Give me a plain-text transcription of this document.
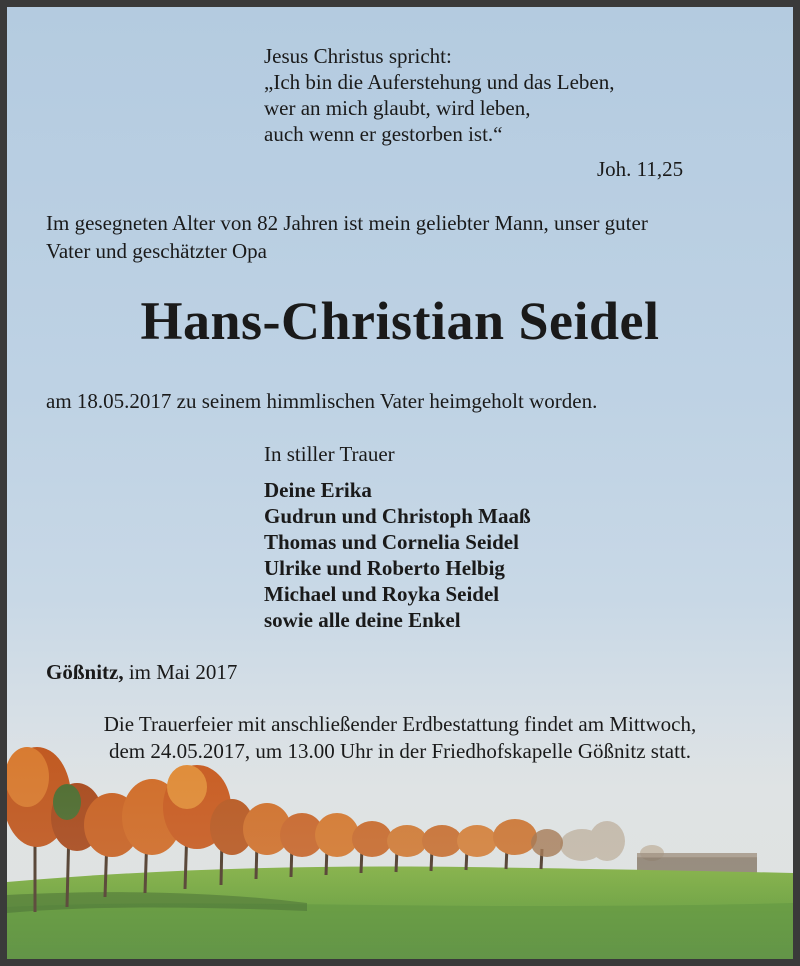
Jesus Christus spricht:
„Ich bin die Auferstehung und das Leben,
wer an mich glaubt, wird leben,
auch wenn er gestorben ist.“
Joh. 11,25
Im gesegneten Alter von 82 Jahren ist mein geliebter Mann, unser guter
Vater und geschätzter Opa
Hans-Christian Seidel
am 18.05.2017 zu seinem himmlischen Vater heimgeholt worden.
In stiller Trauer
Deine Erika
Gudrun und Christoph Maaß
Thomas und Cornelia Seidel
Ulrike und Roberto Helbig
Michael und Royka Seidel
sowie alle deine Enkel
Gößnitz, im Mai 2017
Die Trauerfeier mit anschließender Erdbestattung findet am Mittwoch,
dem 24.05.2017, um 13.00 Uhr in der Friedhofskapelle Gößnitz statt.
